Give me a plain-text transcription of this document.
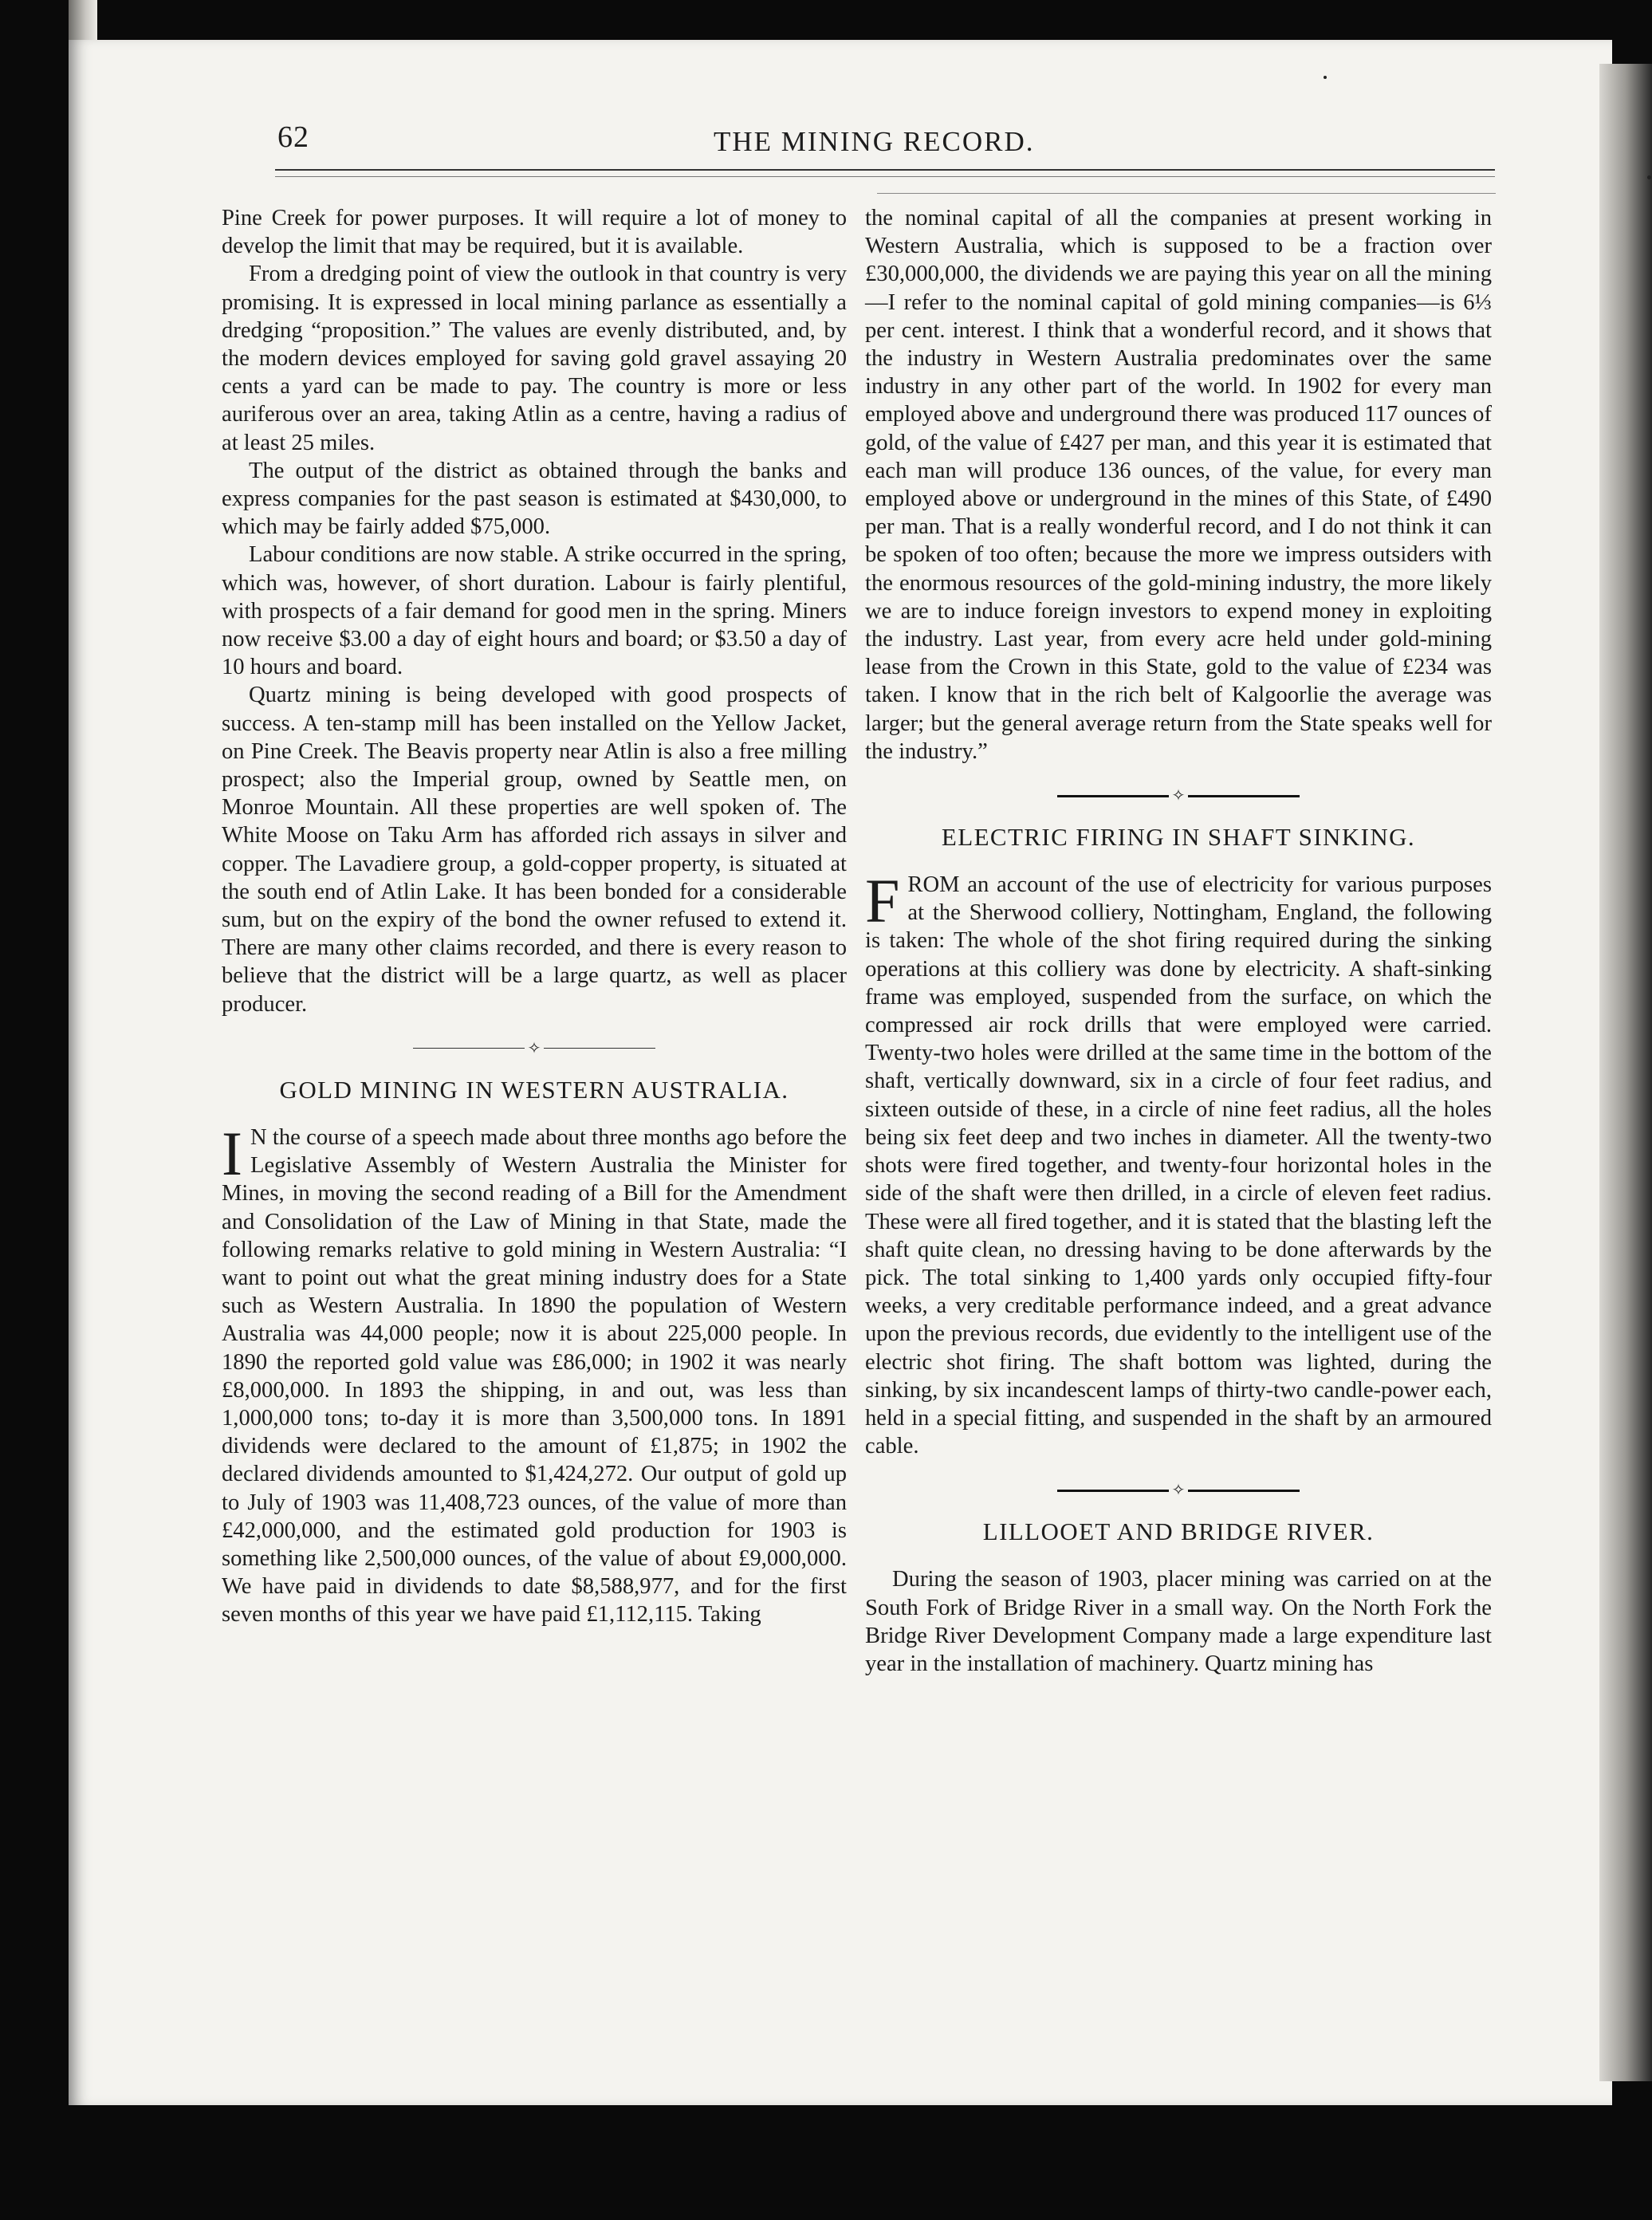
62	THE MINING RECORD.

Pine Creek for power purposes. It will require a lot of money to develop the limit that may be required, but it is available.

From a dredging point of view the outlook in that country is very promising. It is expressed in local mining parlance as essentially a dredging “proposition.” The values are evenly distributed, and, by the modern devices employed for saving gold gravel assaying 20 cents a yard can be made to pay. The country is more or less auriferous over an area, taking Atlin as a centre, having a radius of at least 25 miles.

The output of the district as obtained through the banks and express companies for the past season is estimated at $430,000, to which may be fairly added $75,000.

Labour conditions are now stable. A strike occurred in the spring, which was, however, of short duration. Labour is fairly plentiful, with prospects of a fair demand for good men in the spring. Miners now receive $3.00 a day of eight hours and board; or $3.50 a day of 10 hours and board.

Quartz mining is being developed with good prospects of success. A ten-stamp mill has been installed on the Yellow Jacket, on Pine Creek. The Beavis property near Atlin is also a free milling prospect; also the Imperial group, owned by Seattle men, on Monroe Mountain. All these properties are well spoken of. The White Moose on Taku Arm has afforded rich assays in silver and copper. The Lavadiere group, a gold-copper property, is situated at the south end of Atlin Lake. It has been bonded for a considerable sum, but on the expiry of the bond the owner refused to extend it. There are many other claims recorded, and there is every reason to believe that the district will be a large quartz, as well as placer producer.

✧
GOLD MINING IN WESTERN AUSTRALIA.

I N the course of a speech made about three months ago before the Legislative Assembly of Western Australia the Minister for Mines, in moving the second reading of a Bill for the Amendment and Consolidation of the Law of Mining in that State, made the following remarks relative to gold mining in Western Australia: “I want to point out what the great mining industry does for a State such as Western Australia. In 1890 the population of Western Australia was 44,000 people; now it is about 225,000 people. In 1890 the reported gold value was £86,000; in 1902 it was nearly £8,000,000. In 1893 the shipping, in and out, was less than 1,000,000 tons; to-day it is more than 3,500,000 tons. In 1891 dividends were declared to the amount of £1,875; in 1902 the declared dividends amounted to $1,424,272. Our output of gold up to July of 1903 was 11,408,723 ounces, of the value of more than £42,000,000, and the estimated gold production for 1903 is something like 2,500,000 ounces, of the value of about £9,000,000. We have paid in dividends to date $8,588,977, and for the first seven months of this year we have paid £1,112,115. Taking

the nominal capital of all the companies at present working in Western Australia, which is supposed to be a fraction over £30,000,000, the dividends we are paying this year on all the mining—I refer to the nominal capital of gold mining companies—is 6⅓ per cent. interest. I think that a wonderful record, and it shows that the industry in Western Australia predominates over the same industry in any other part of the world. In 1902 for every man employed above and underground there was produced 117 ounces of gold, of the value of £427 per man, and this year it is estimated that each man will produce 136 ounces, of the value, for every man employed above or underground in the mines of this State, of £490 per man. That is a really wonderful record, and I do not think it can be spoken of too often; because the more we impress outsiders with the enormous resources of the gold-mining industry, the more likely we are to induce foreign investors to expend money in exploiting the industry. Last year, from every acre held under gold-mining lease from the Crown in this State, gold to the value of £234 was taken. I know that in the rich belt of Kalgoorlie the average was larger; but the general average return from the State speaks well for the industry.”

✧
ELECTRIC FIRING IN SHAFT SINKING.

FROM an account of the use of electricity for various purposes at the Sherwood colliery, Nottingham, England, the following is taken: The whole of the shot firing required during the sinking operations at this colliery was done by electricity. A shaft-sinking frame was employed, suspended from the surface, on which the compressed air rock drills that were employed were carried. Twenty-two holes were drilled at the same time in the bottom of the shaft, vertically downward, six in a circle of four feet radius, and sixteen outside of these, in a circle of nine feet radius, all the holes being six feet deep and two inches in diameter. All the twenty-two shots were fired together, and twenty-four horizontal holes in the side of the shaft were then drilled, in a circle of eleven feet radius. These were all fired together, and it is stated that the blasting left the shaft quite clean, no dressing having to be done afterwards by the pick. The total sinking to 1,400 yards only occupied fifty-four weeks, a very creditable performance indeed, and a great advance upon the previous records, due evidently to the intelligent use of the electric shot firing. The shaft bottom was lighted, during the sinking, by six incandescent lamps of thirty-two candle-power each, held in a special fitting, and suspended in the shaft by an armoured cable.

✧
LILLOOET AND BRIDGE RIVER.

During the season of 1903, placer mining was carried on at the South Fork of Bridge River in a small way. On the North Fork the Bridge River Development Company made a large expenditure last year in the installation of machinery. Quartz mining has
